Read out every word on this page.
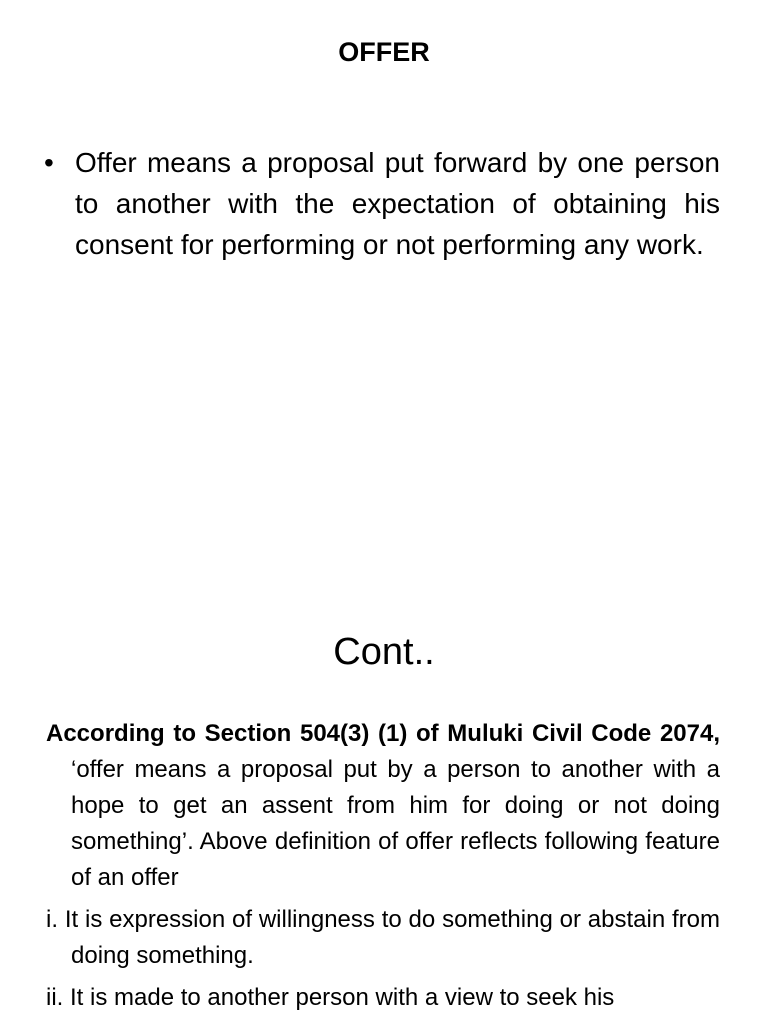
OFFER
• Offer means a proposal put forward by one person to another with the expectation of obtaining his consent for performing or not performing any work.
Cont..

According to Section 504(3) (1) of Muluki Civil Code 2074, ‘offer means a proposal put by a person to another with a hope to get an assent from him for doing or not doing something’. Above definition of offer reflects following feature of an offer

i. It is expression of willingness to do something or abstain from doing something.

ii. It is made to another person with a view to seek his
